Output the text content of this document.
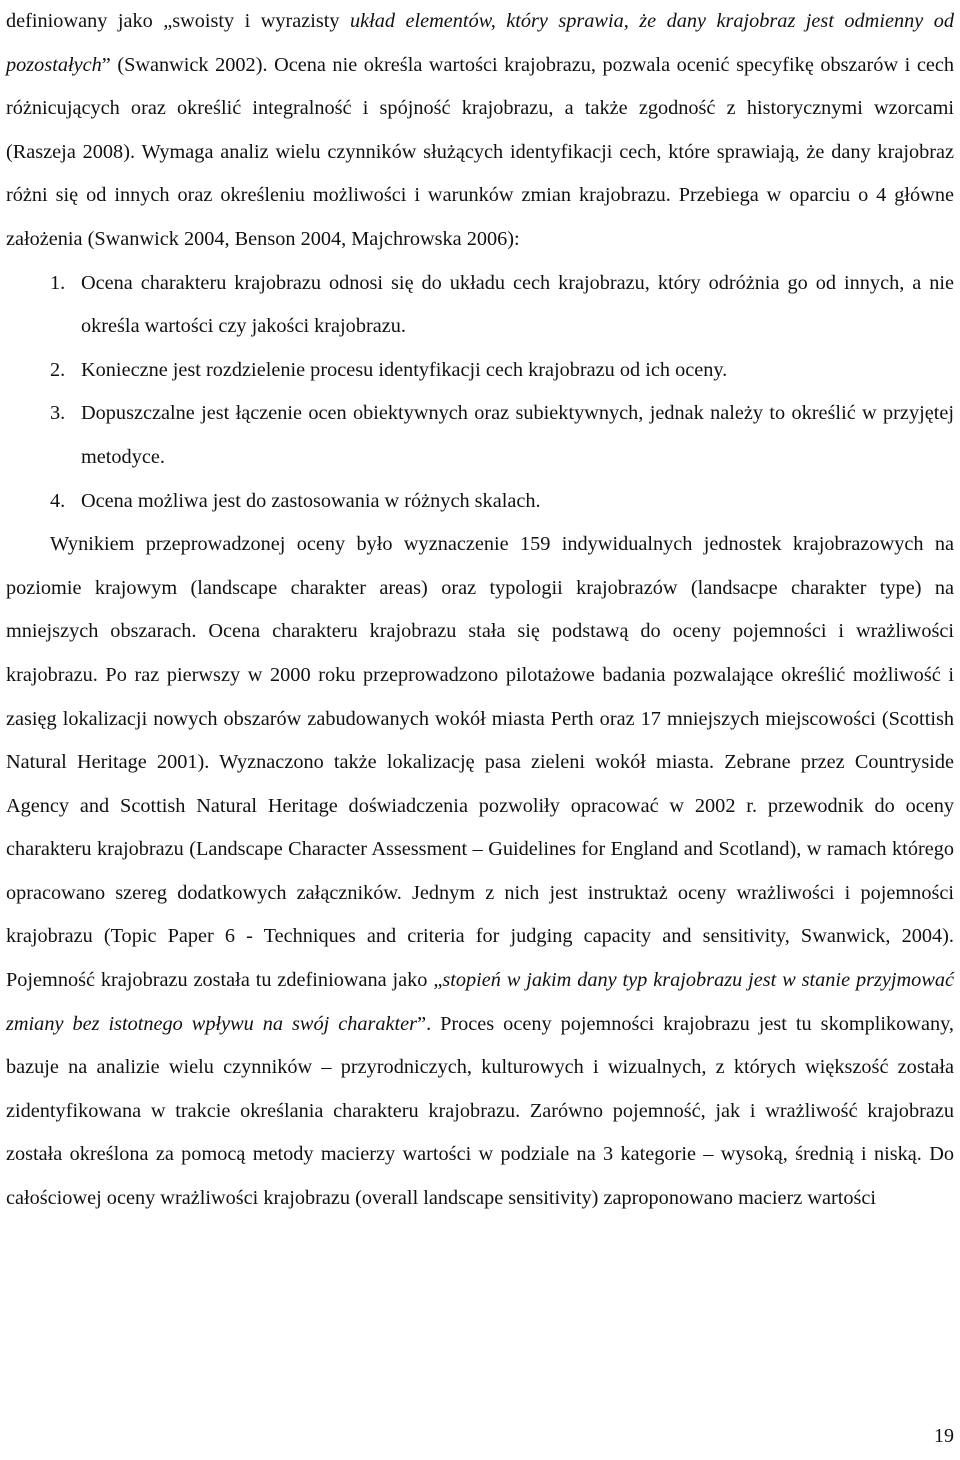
definiowany jako „swoisty i wyrazisty układ elementów, który sprawia, że dany krajobraz jest odmienny od pozostałych” (Swanwick 2002). Ocena nie określa wartości krajobrazu, pozwala ocenić specyfikę obszarów i cech różnicujących oraz określić integralność i spójność krajobrazu, a także zgodność z historycznymi wzorcami (Raszeja 2008). Wymaga analiz wielu czynników służących identyfikacji cech, które sprawiają, że dany krajobraz różni się od innych oraz określeniu możliwości i warunków zmian krajobrazu. Przebiega w oparciu o 4 główne założenia (Swanwick 2004, Benson 2004, Majchrowska 2006):

1. Ocena charakteru krajobrazu odnosi się do układu cech krajobrazu, który odróżnia go od innych, a nie określa wartości czy jakości krajobrazu.
2. Konieczne jest rozdzielenie procesu identyfikacji cech krajobrazu od ich oceny.
3. Dopuszczalne jest łączenie ocen obiektywnych oraz subiektywnych, jednak należy to określić w przyjętej metodyce.
4. Ocena możliwa jest do zastosowania w różnych skalach.

Wynikiem przeprowadzonej oceny było wyznaczenie 159 indywidualnych jednostek krajobrazowych na poziomie krajowym (landscape charakter areas) oraz typologii krajobrazów (landsacpe charakter type) na mniejszych obszarach. Ocena charakteru krajobrazu stała się podstawą do oceny pojemności i wrażliwości krajobrazu. Po raz pierwszy w 2000 roku przeprowadzono pilotażowe badania pozwalające określić możliwość i zasięg lokalizacji nowych obszarów zabudowanych wokół miasta Perth oraz 17 mniejszych miejscowości (Scottish Natural Heritage 2001). Wyznaczono także lokalizację pasa zieleni wokół miasta. Zebrane przez Countryside Agency and Scottish Natural Heritage doświadczenia pozwoliły opracować w 2002 r. przewodnik do oceny charakteru krajobrazu (Landscape Character Assessment – Guidelines for England and Scotland), w ramach którego opracowano szereg dodatkowych załączników. Jednym z nich jest instruktaż oceny wrażliwości i pojemności krajobrazu (Topic Paper 6 - Techniques and criteria for judging capacity and sensitivity, Swanwick, 2004). Pojemność krajobrazu została tu zdefiniowana jako „stopień w jakim dany typ krajobrazu jest w stanie przyjmować zmiany bez istotnego wpływu na swój charakter”. Proces oceny pojemności krajobrazu jest tu skomplikowany, bazuje na analizie wielu czynników – przyrodniczych, kulturowych i wizualnych, z których większość została zidentyfikowana w trakcie określania charakteru krajobrazu. Zarówno pojemność, jak i wrażliwość krajobrazu została określona za pomocą metody macierzy wartości w podziale na 3 kategorie – wysoką, średnią i niską. Do całościowej oceny wrażliwości krajobrazu (overall landscape sensitivity) zaproponowano macierz wartości

19
